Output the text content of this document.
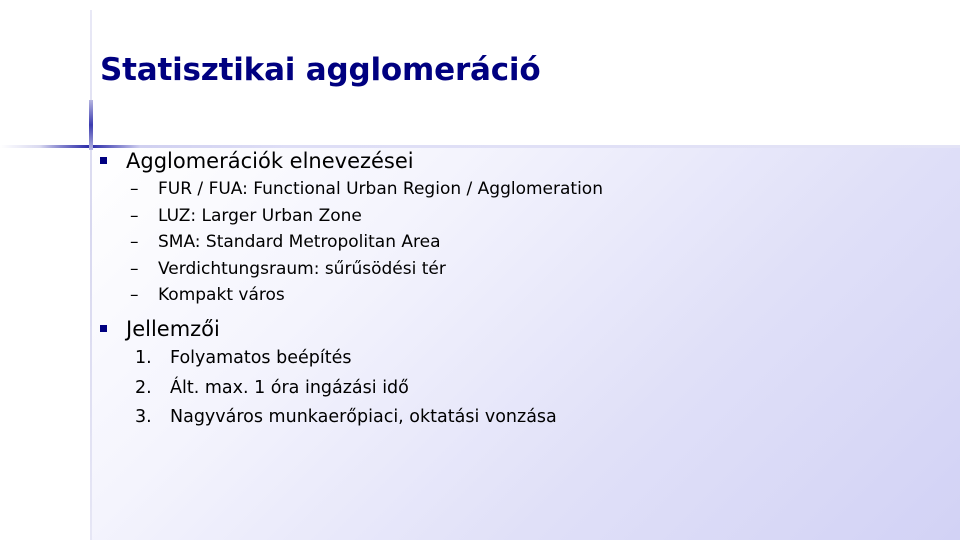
Statisztikai agglomeráció
Agglomerációk elnevezései
–	FUR / FUA: Functional Urban Region / Agglomeration
–	LUZ: Larger Urban Zone
–	SMA: Standard Metropolitan Area
–	Verdichtungsraum: sűrűsödési tér
–	Kompakt város
Jellemzői
1. Folyamatos beépítés
2. Ált. max. 1 óra ingázási idő
3. Nagyváros munkaerőpiaci, oktatási vonzása
